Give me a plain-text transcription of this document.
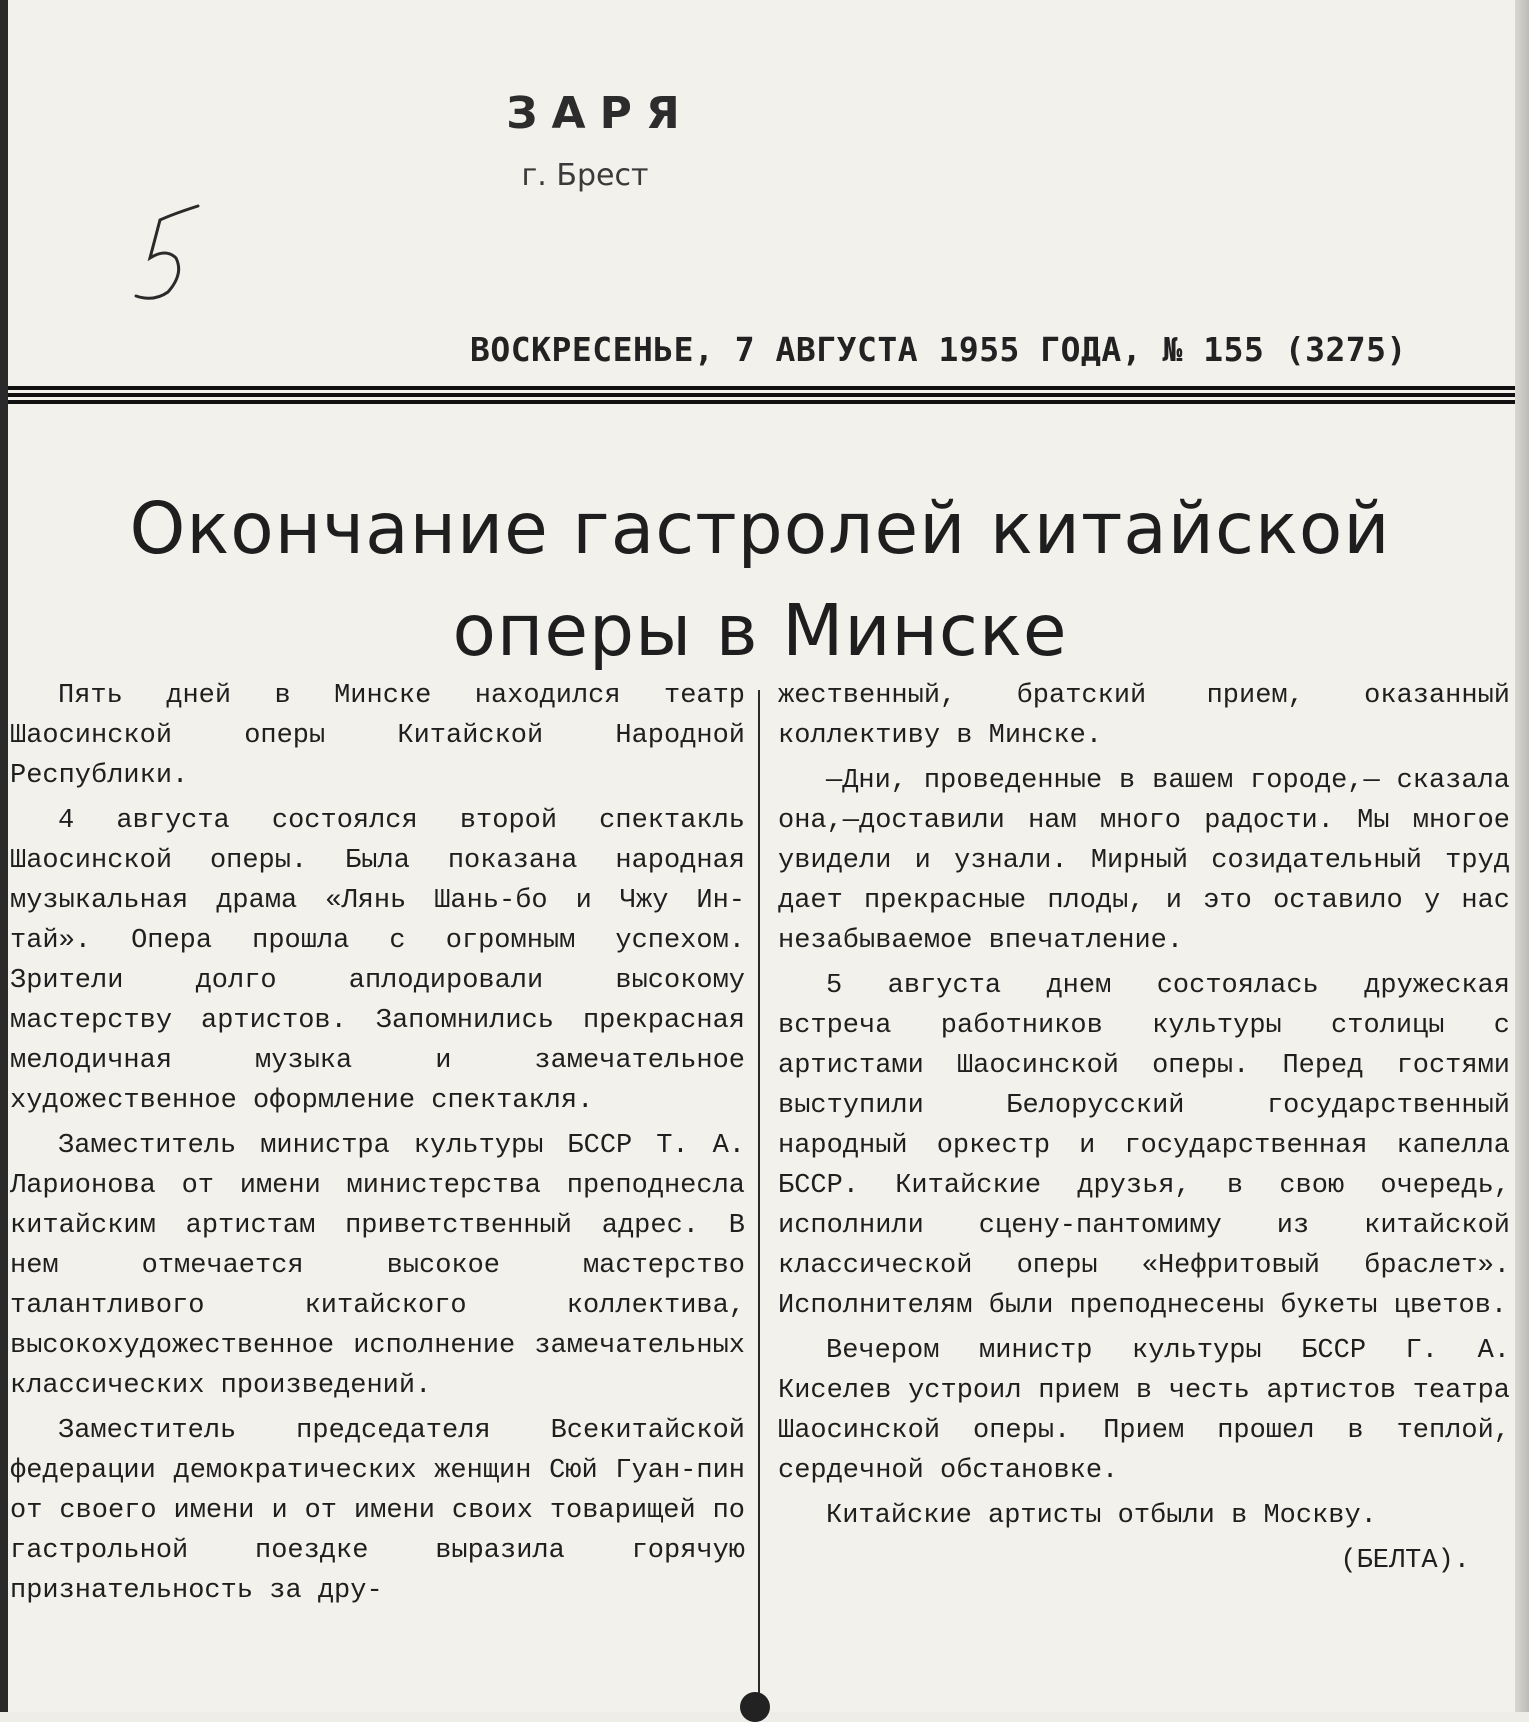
ЗАРЯ
г. Брест
ВОСКРЕСЕНЬЕ, 7 АВГУСТА 1955 ГОДА, № 155 (3275)
Окончание гастролей китайской
оперы в Минске

Пять дней в Минске находился театр Шаосинской оперы Китайской Народной Республики.

4 августа состоялся второй спектакль Шаосинской оперы. Была показана народная музыкальная драма «Лянь Шань-бо и Чжу Ин-тай». Опера прошла с огромным успехом. Зрители долго аплодировали высокому мастерству артистов. Запомнились прекрасная мелодичная музыка и замечательное художественное оформление спектакля.

Заместитель министра культуры БССР Т. А. Ларионова от имени министерства преподнесла китайским артистам приветственный адрес. В нем отмечается высокое мастерство талантливого китайского коллектива, высокохудожественное исполнение замечательных классических произведений.

Заместитель председателя Всекитайской федерации демократических женщин Сюй Гуан-пин от своего имени и от имени своих товарищей по гастрольной поездке выразила горячую признательность за дру-

жественный, братский прием, оказанный коллективу в Минске.

—Дни, проведенные в вашем городе,— сказала она,—доставили нам много радости. Мы многое увидели и узнали. Мирный созидательный труд дает прекрасные плоды, и это оставило у нас незабываемое впечатление.

5 августа днем состоялась дружеская встреча работников культуры столицы с артистами Шаосинской оперы. Перед гостями выступили Белорусский государственный народный оркестр и государственная капелла БССР. Китайские друзья, в свою очередь, исполнили сцену-пантомиму из китайской классической оперы «Нефритовый браслет». Исполнителям были преподнесены букеты цветов.

Вечером министр культуры БССР Г. А. Киселев устроил прием в честь артистов театра Шаосинской оперы. Прием прошел в теплой, сердечной обстановке.

Китайские артисты отбыли в Москву.

(БЕЛТА).
